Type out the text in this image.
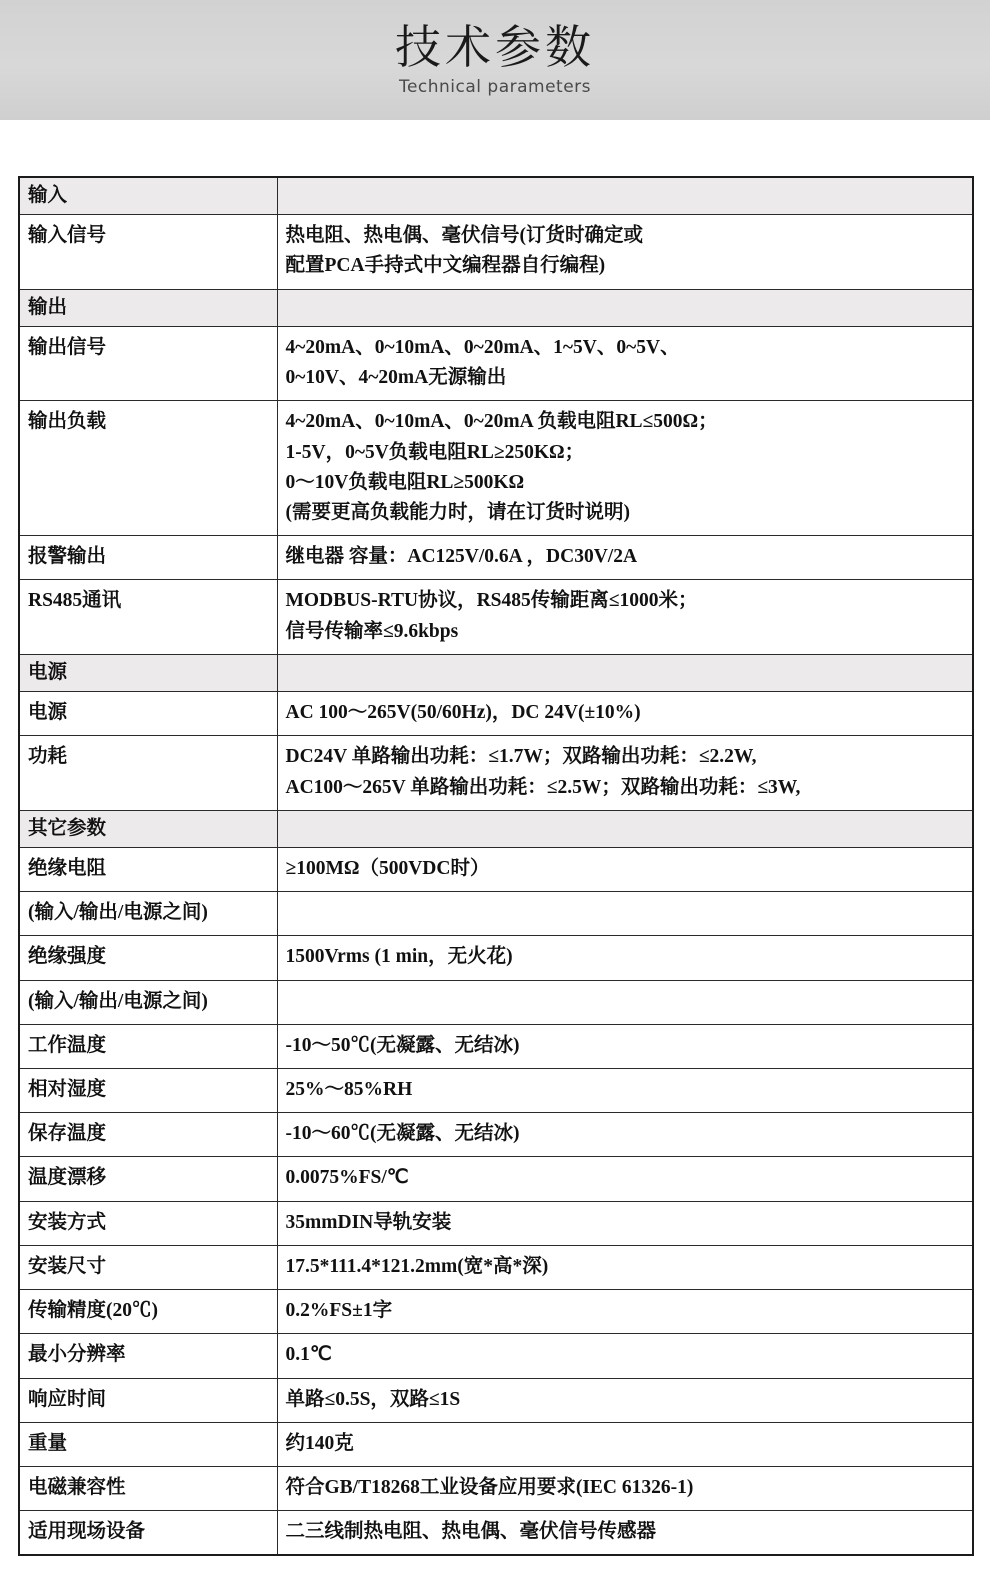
技术参数
Technical parameters
输入	
输入信号	热电阻、热电偶、毫伏信号(订货时确定或
配置PCA手持式中文编程器自行编程)

输出	
输出信号	4~20mA、0~10mA、0~20mA、1~5V、0~5V、
0~10V、4~20mA无源输出

输出负载	4~20mA、0~10mA、0~20mA 负载电阻RL≤500Ω；
1-5V，0~5V负载电阻RL≥250KΩ；
0～10V负载电阻RL≥500KΩ
(需要更高负载能力时，请在订货时说明)

报警输出	继电器 容量：AC125V/0.6A ，DC30V/2A

RS485通讯	MODBUS-RTU协议，RS485传输距离≤1000米；
信号传输率≤9.6kbps

电源	
电源	AC 100～265V(50/60Hz)，DC 24V(±10%)

功耗	DC24V 单路输出功耗：≤1.7W；双路输出功耗：≤2.2W,
AC100～265V 单路输出功耗：≤2.5W；双路输出功耗：≤3W,

其它参数	
绝缘电阻	≥100MΩ（500VDC时）

(输入/输出/电源之间)	
绝缘强度	1500Vrms (1 min，无火花)

(输入/输出/电源之间)	
工作温度	-10～50℃(无凝露、无结冰)

相对湿度	25%～85%RH

保存温度	-10～60℃(无凝露、无结冰)

温度漂移	0.0075%FS/℃

安装方式	35mmDIN导轨安装

安装尺寸	17.5*111.4*121.2mm(宽*高*深)

传输精度(20℃)	0.2%FS±1字

最小分辨率	0.1℃

响应时间	单路≤0.5S，双路≤1S

重量	约140克

电磁兼容性	符合GB/T18268工业设备应用要求(IEC 61326-1)

适用现场设备	二三线制热电阻、热电偶、毫伏信号传感器
